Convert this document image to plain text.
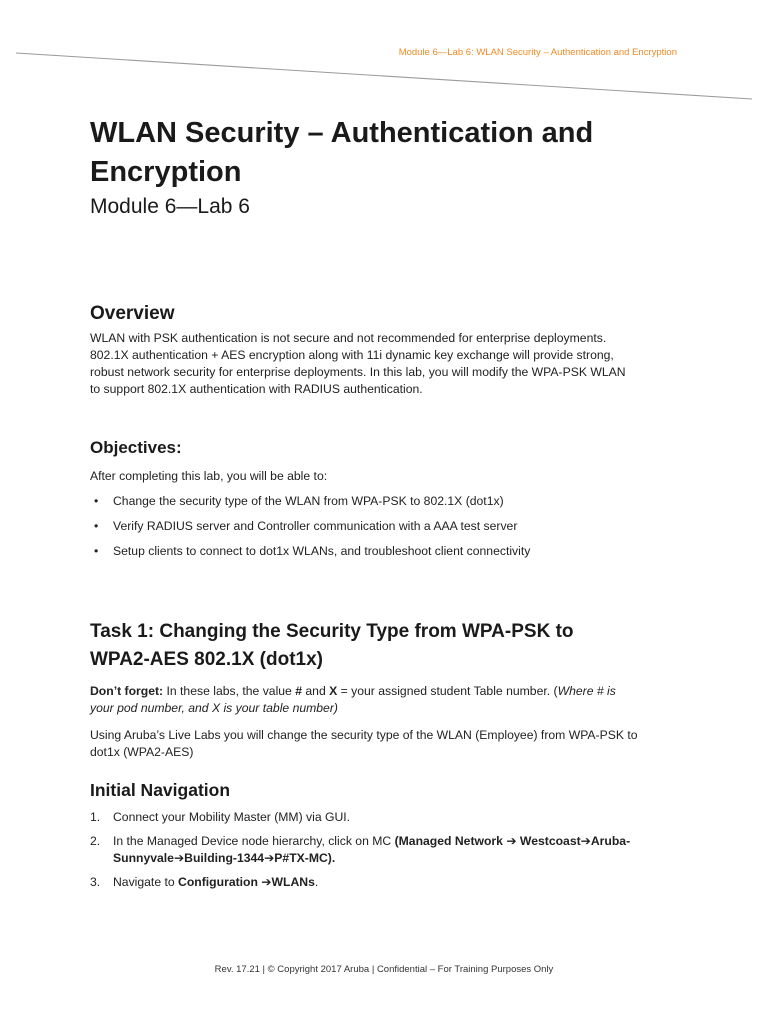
Module 6—Lab 6: WLAN Security – Authentication and Encryption
WLAN Security – Authentication and
Encryption
Module 6—Lab 6
Overview

WLAN with PSK authentication is not secure and not recommended for enterprise deployments.
802.1X authentication + AES encryption along with 11i dynamic key exchange will provide strong,
robust network security for enterprise deployments. In this lab, you will modify the WPA-PSK WLAN
to support 802.1X authentication with RADIUS authentication.

Objectives:

After completing this lab, you will be able to:

• Change the security type of the WLAN from WPA-PSK to 802.1X (dot1x)
• Verify RADIUS server and Controller communication with a AAA test server
• Setup clients to connect to dot1x WLANs, and troubleshoot client connectivity
Task 1: Changing the Security Type from WPA-PSK to
WPA2-AES 802.1X (dot1x)

Don’t forget: In these labs, the value # and X = your assigned student Table number. (Where # is
your pod number, and X is your table number)

Using Aruba’s Live Labs you will change the security type of the WLAN (Employee) from WPA-PSK to
dot1x (WPA2-AES)

Initial Navigation
1. Connect your Mobility Master (MM) via GUI.
2. In the Managed Device node hierarchy, click on MC (Managed Network ➔ Westcoast➔Aruba-
Sunnyvale➔Building-1344➔P#TX-MC).
3. Navigate to Configuration ➔WLANs.
Rev. 17.21 | © Copyright 2017 Aruba | Confidential – For Training Purposes Only
